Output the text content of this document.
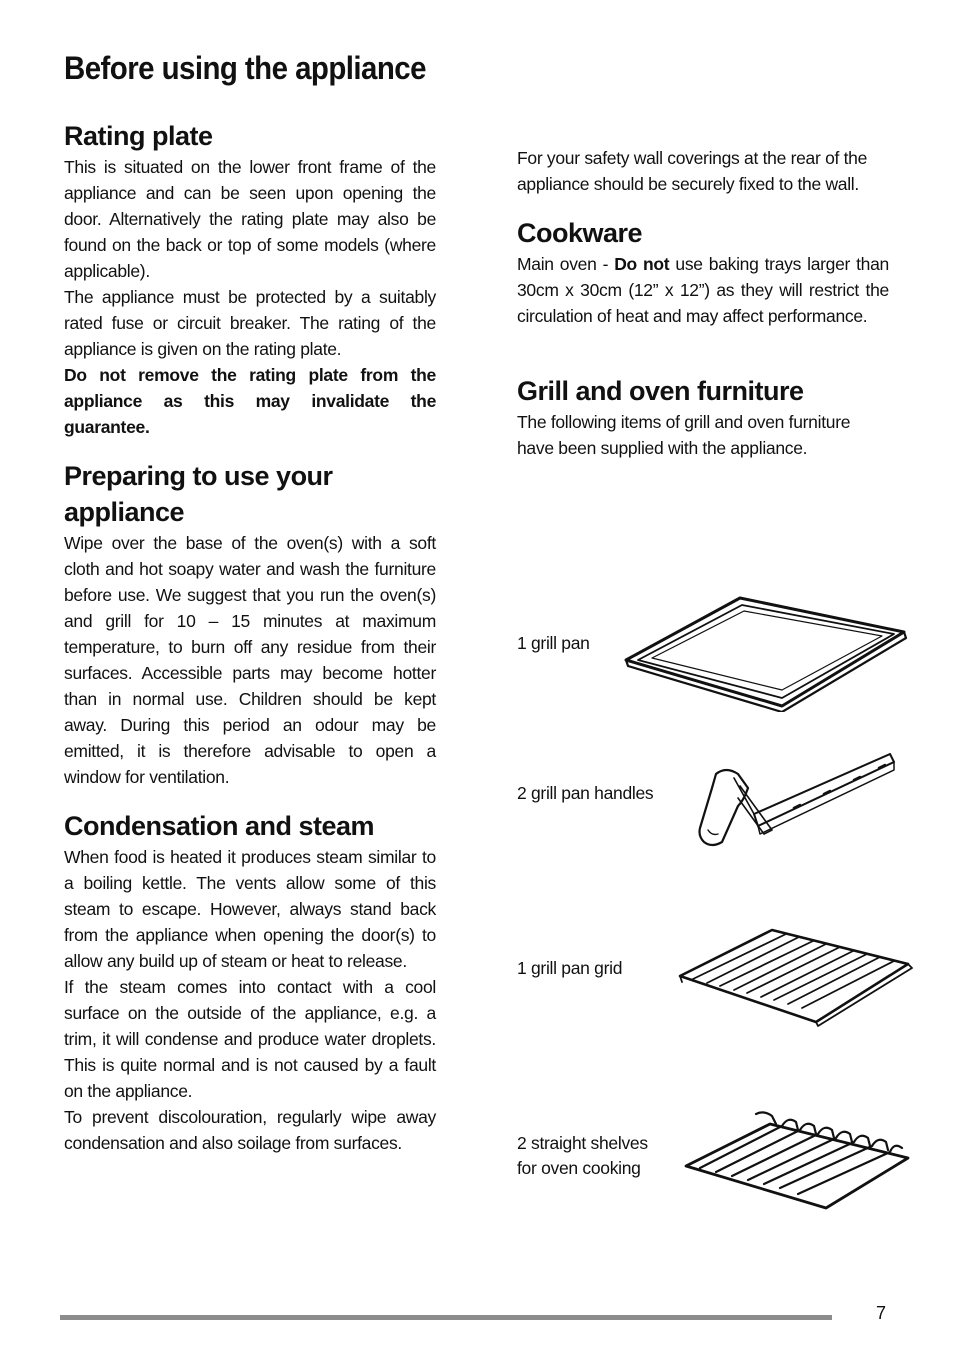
Before using the appliance
Rating plate

This is situated on the lower front frame of the appliance and can be seen upon opening the door. Alternatively the rating plate may also be found on the back or top of some models (where applicable).

The appliance must be protected by a suitably rated fuse or circuit breaker. The rating of the appliance is given on the rating plate.

Do not remove the rating plate from the appliance as this may invalidate the guarantee.

Preparing to use your appliance

Wipe over the base of the oven(s) with a soft cloth and hot soapy water and wash the furniture before use. We suggest that you run the oven(s) and grill for 10 – 15 minutes at maximum temperature, to burn off any residue from their surfaces. Accessible parts may become hotter than in normal use. Children should be kept away. During this period an odour may be emitted, it is therefore advisable to open a window for ventilation.

Condensation and steam

When food is heated it produces steam similar to a boiling kettle. The vents allow some of this steam to escape. However, always stand back from the appliance when opening the door(s) to allow any build up of steam or heat to release.

If the steam comes into contact with a cool surface on the outside of the appliance, e.g. a trim, it will condense and produce water droplets. This is quite normal and is not caused by a fault on the appliance.

To prevent discolouration, regularly wipe away condensation and also soilage from surfaces.

For your safety wall coverings at the rear of the appliance should be securely fixed to the wall.

Cookware

Main oven - Do not use baking trays larger than 30cm x 30cm (12” x 12”) as they will restrict the circulation of heat and may affect performance.

Grill and oven furniture

The following items of grill and oven furniture have been supplied with the appliance.

1 grill pan
2 grill pan handles
1 grill pan grid
2 straight shelves
for oven cooking
7
